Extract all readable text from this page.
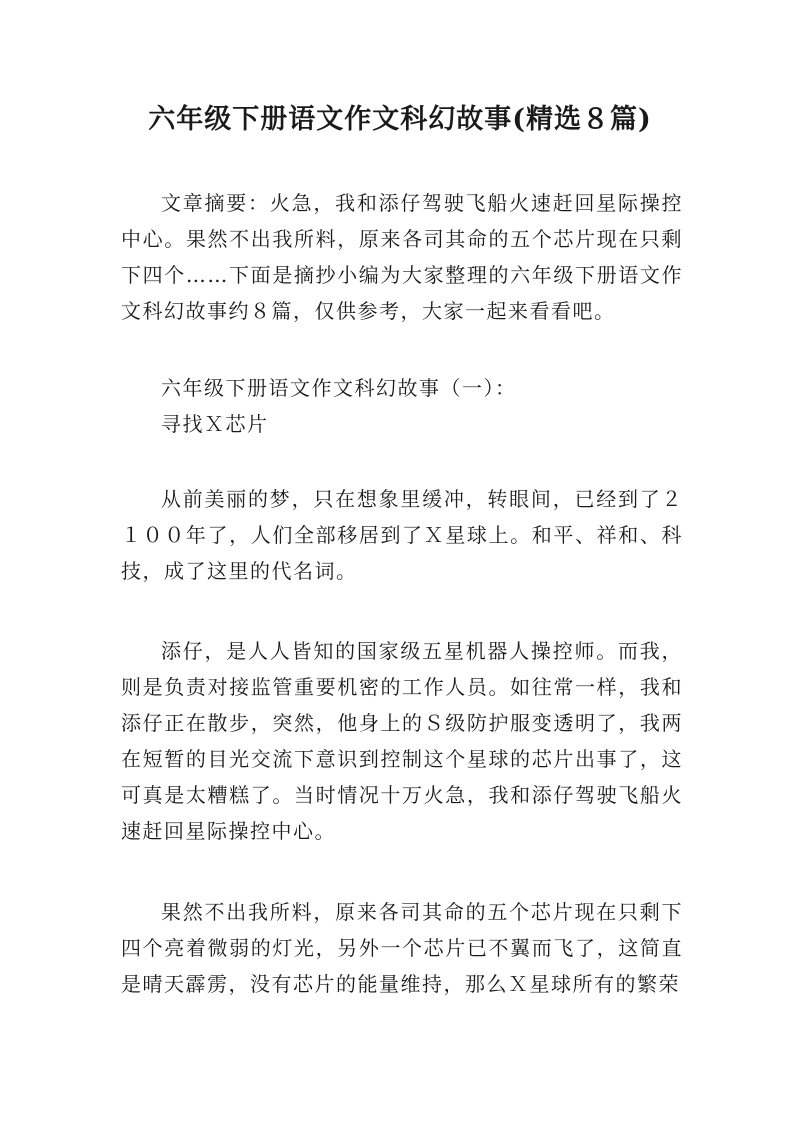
六年级下册语文作文科幻故事(精选８篇)

文章摘要：火急，我和添仔驾驶飞船火速赶回星际操控中心。果然不出我所料，原来各司其命的五个芯片现在只剩下四个……下面是摘抄小编为大家整理的六年级下册语文作文科幻故事约８篇，仅供参考，大家一起来看看吧。

六年级下册语文作文科幻故事（一）：

寻找Ｘ芯片

从前美丽的梦，只在想象里缓冲，转眼间，已经到了２１００年了，人们全部移居到了Ｘ星球上。和平、祥和、科技，成了这里的代名词。

添仔，是人人皆知的国家级五星机器人操控师。而我，则是负责对接监管重要机密的工作人员。如往常一样，我和添仔正在散步，突然，他身上的Ｓ级防护服变透明了，我两在短暂的目光交流下意识到控制这个星球的芯片出事了，这可真是太糟糕了。当时情况十万火急，我和添仔驾驶飞船火速赶回星际操控中心。

果然不出我所料，原来各司其命的五个芯片现在只剩下四个亮着微弱的灯光，另外一个芯片已不翼而飞了，这简直是晴天霹雳，没有芯片的能量维持，那么Ｘ星球所有的繁荣
